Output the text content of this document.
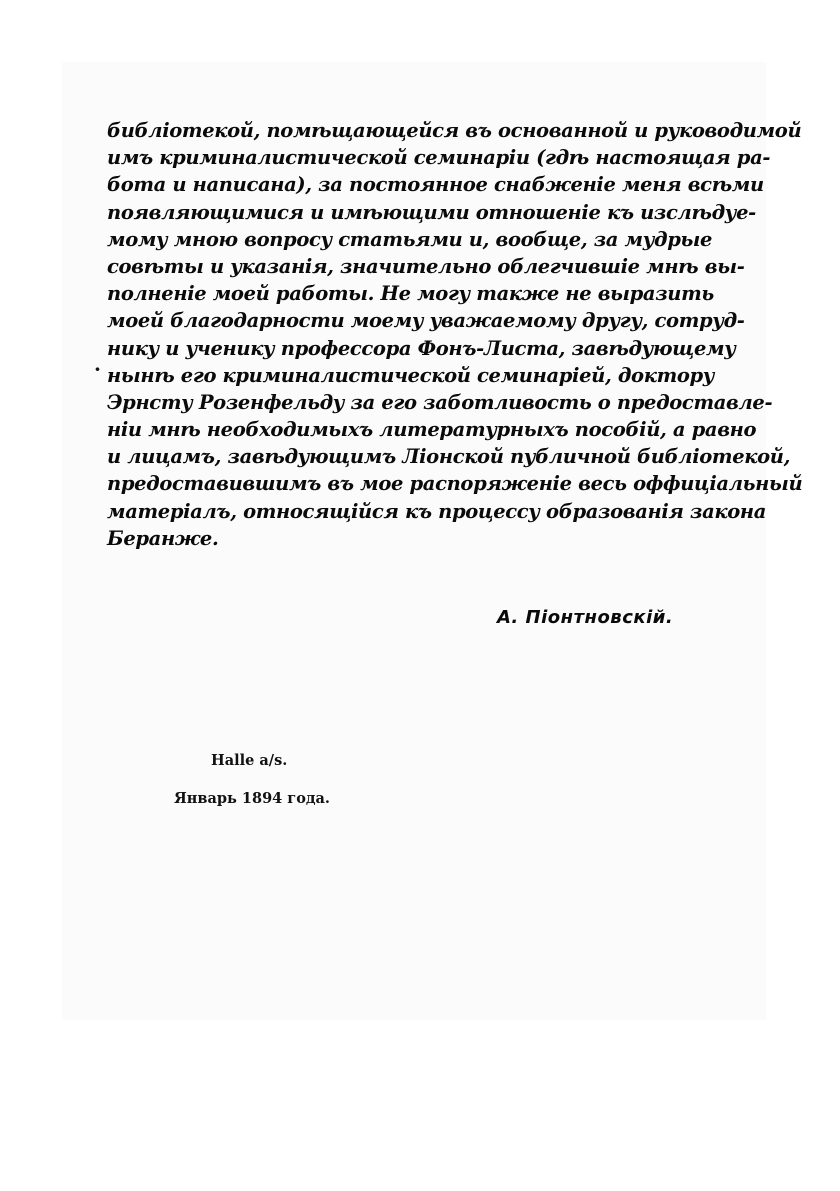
·
библіотекой, помѣщающейся въ основанной и руководимой
имъ криминалистической семинаріи (гдѣ настоящая ра-
бота и написана), за постоянное снабженіе меня всѣми
появляющимися и имѣющими отношеніе къ изслѣдуе-
мому мною вопросу статьями и, вообще, за мудрые
совѣты и указанія, значительно облегчившіе мнѣ вы-
полненіе моей работы. Не могу также не выразить
моей благодарности моему уважаемому другу, сотруд-
нику и ученику профессора Фонъ-Листа, завѣдующему
нынѣ его криминалистической семинаріей, доктору
Эрнсту Розенфельду за его заботливость о предоставле-
ніи мнѣ необходимыхъ литературныхъ пособій, а равно
и лицамъ, завѣдующимъ Ліонской публичной библіотекой,
предоставившимъ въ мое распоряженіе весь оффиціальный
матеріалъ, относящійся къ процессу образованія закона
Беранже.
А. Піонтновскій.
Halle a/s.
Январь 1894 года.
